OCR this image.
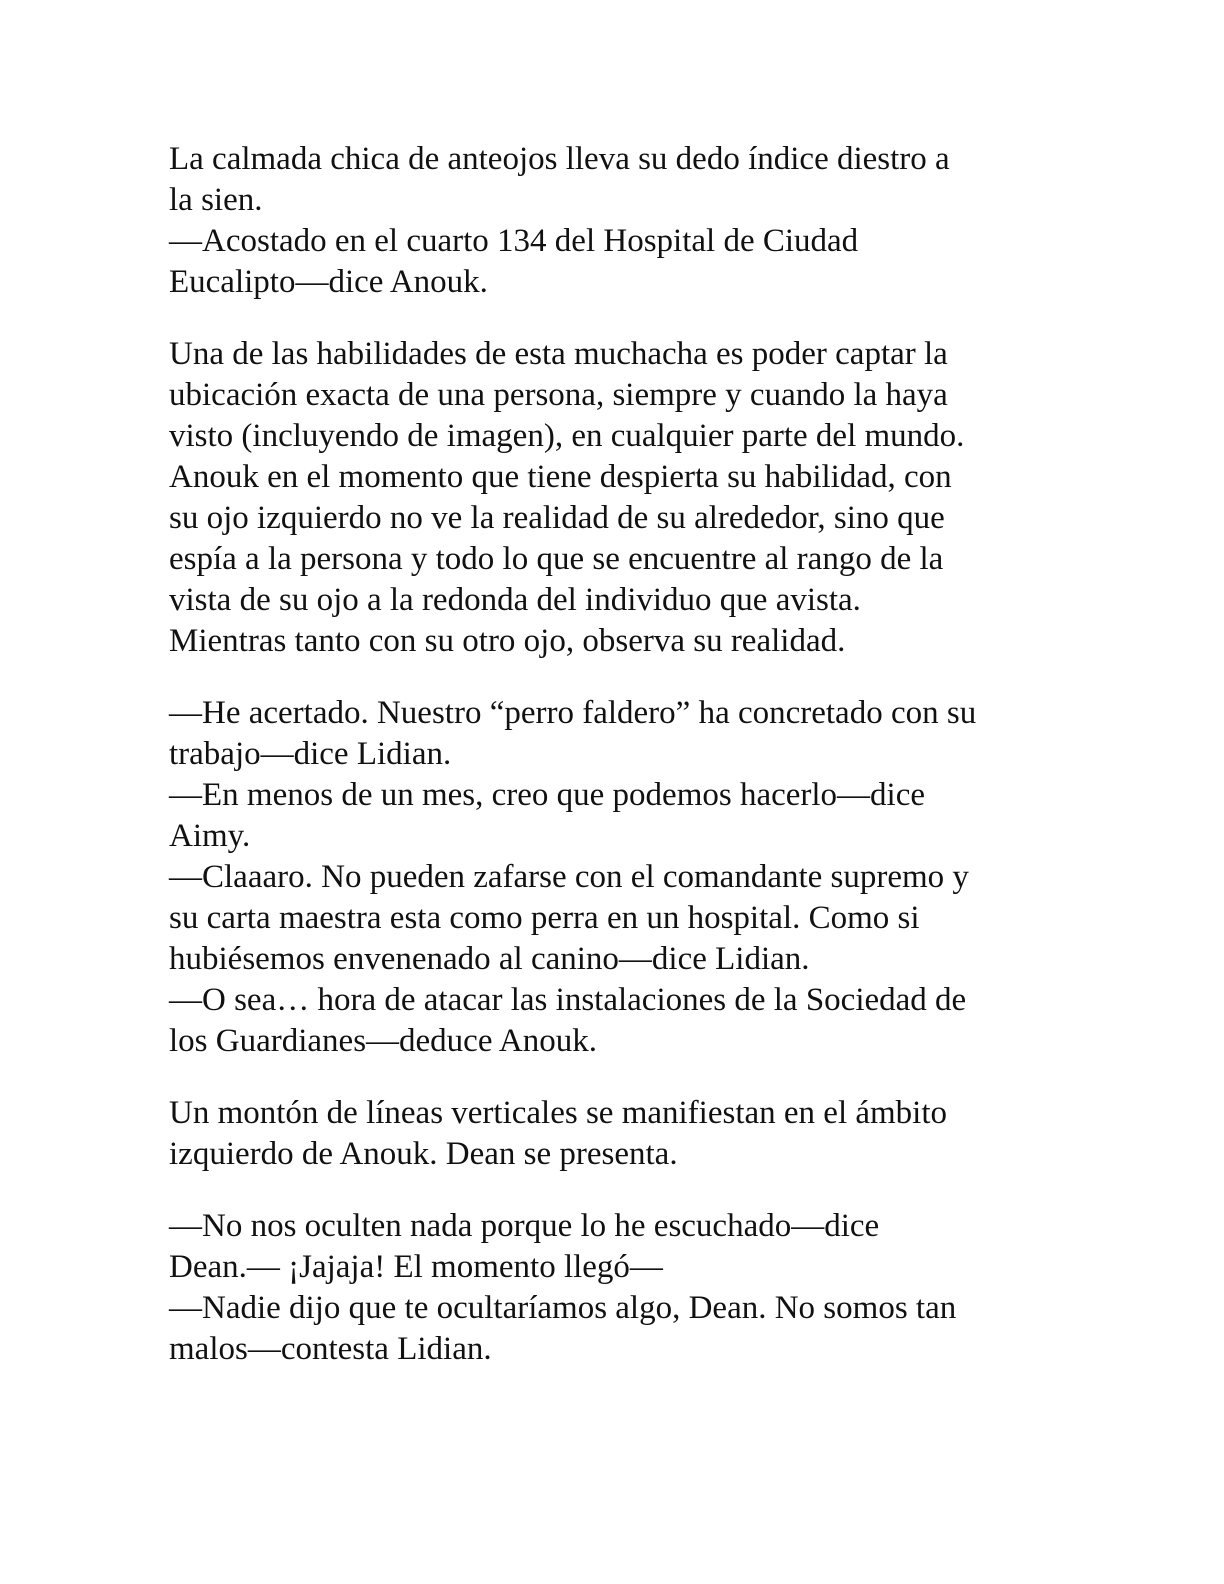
La calmada chica de anteojos lleva su dedo índice diestro a
la sien.
—Acostado en el cuarto 134 del Hospital de Ciudad
Eucalipto—dice Anouk.
Una de las habilidades de esta muchacha es poder captar la
ubicación exacta de una persona, siempre y cuando la haya
visto (incluyendo de imagen), en cualquier parte del mundo.
Anouk en el momento que tiene despierta su habilidad, con
su ojo izquierdo no ve la realidad de su alrededor, sino que
espía a la persona y todo lo que se encuentre al rango de la
vista de su ojo a la redonda del individuo que avista.
Mientras tanto con su otro ojo, observa su realidad.
—He acertado. Nuestro “perro faldero” ha concretado con su
trabajo—dice Lidian.
—En menos de un mes, creo que podemos hacerlo—dice
Aimy.
—Claaaro. No pueden zafarse con el comandante supremo y
su carta maestra esta como perra en un hospital. Como si
hubiésemos envenenado al canino—dice Lidian.
—O sea… hora de atacar las instalaciones de la Sociedad de
los Guardianes—deduce Anouk.
Un montón de líneas verticales se manifiestan en el ámbito
izquierdo de Anouk. Dean se presenta.
—No nos oculten nada porque lo he escuchado—dice
Dean.— ¡Jajaja! El momento llegó—
—Nadie dijo que te ocultaríamos algo, Dean. No somos tan
malos—contesta Lidian.
